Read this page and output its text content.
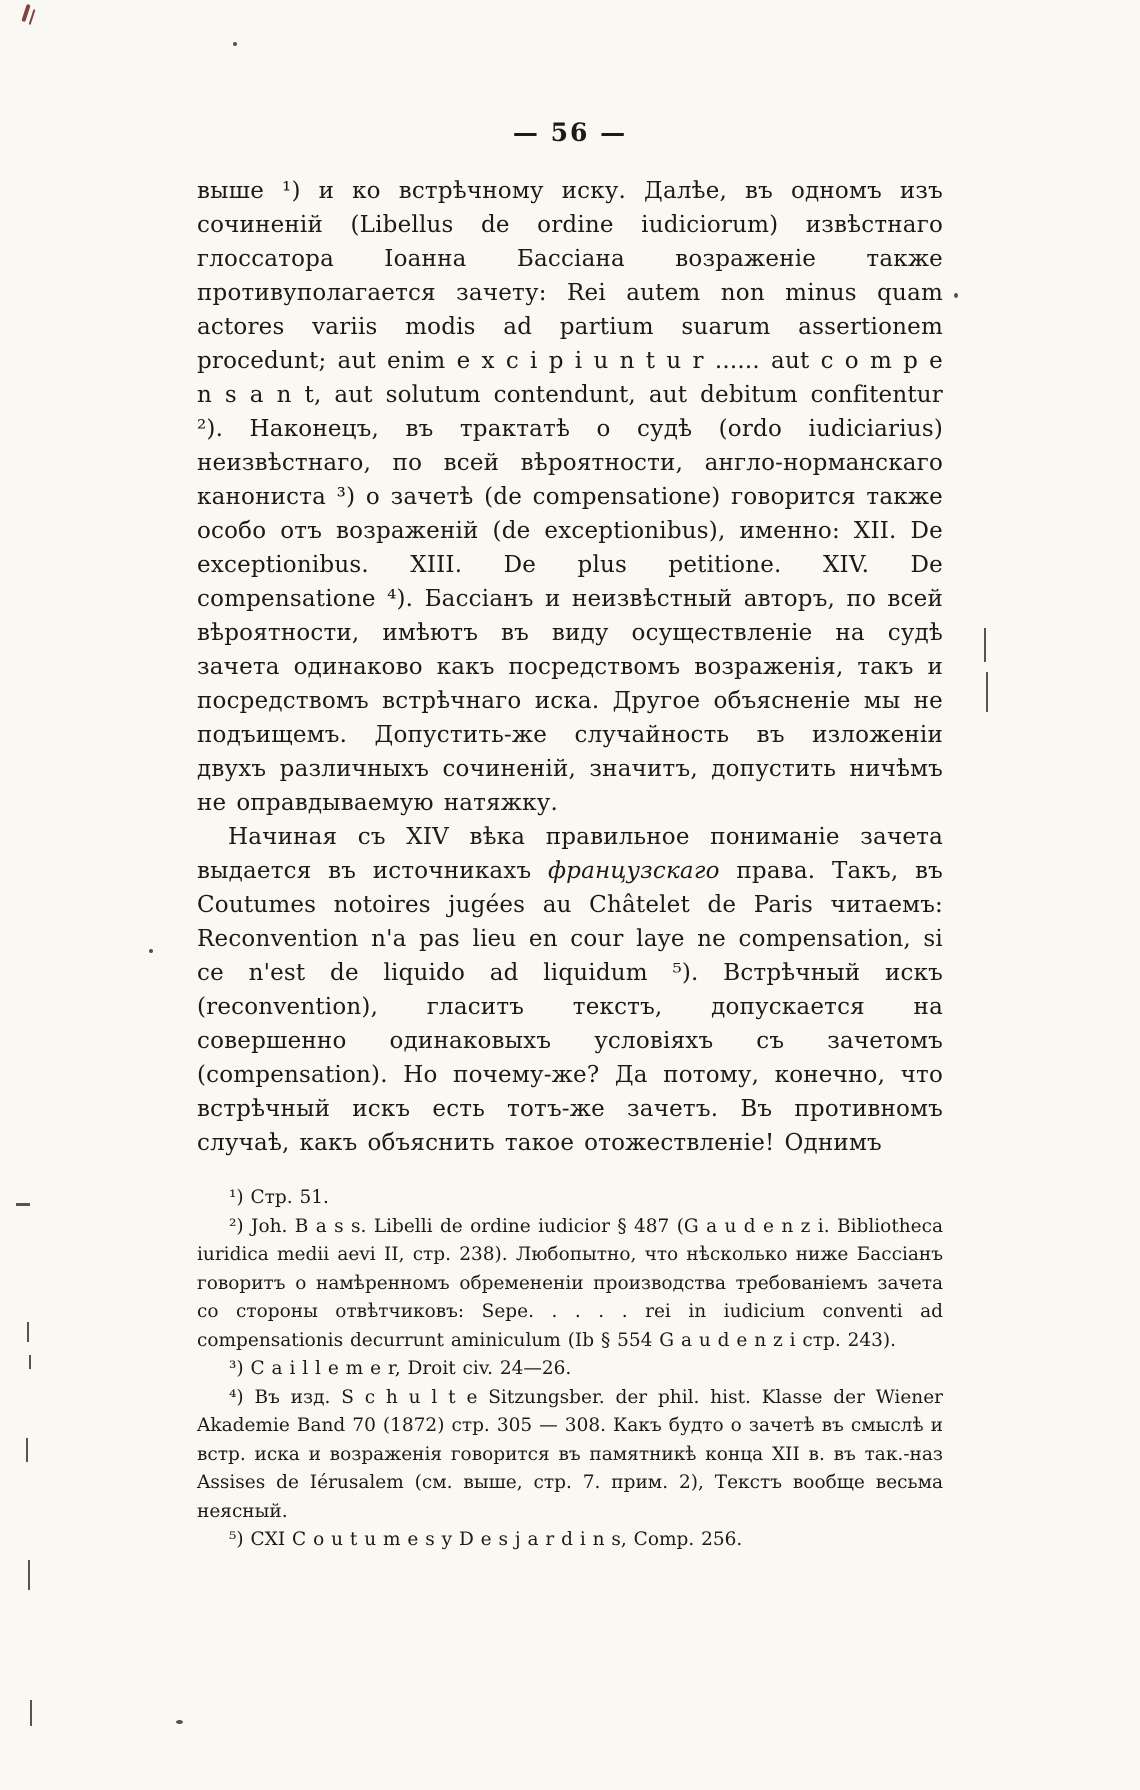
— 56 —

выше ¹) и ко встрѣчному иску. Далѣе, въ одномъ изъ сочиненій (Libellus de ordine iudiciorum) извѣстнаго глоссатора Іоанна Бассіана возраженіе также противуполагается зачету: Rei autem non minus quam actores variis modis ad partium suarum assertionem procedunt; aut enim e x c i p i u n t u r ...... aut c o m p e n s a n t, aut solutum contendunt, aut debitum confitentur ²). Наконецъ, въ трактатѣ о судѣ (ordo iudiciarius) неизвѣстнаго, по всей вѣроятности, англо-норманскаго канониста ³) о зачетѣ (de compensatione) говорится также особо отъ возраженій (de exceptionibus), именно: XII. De exceptionibus. XIII. De plus petitione. XIV. De compensatione ⁴). Бассіанъ и неизвѣстный авторъ, по всей вѣроятности, имѣютъ въ виду осуществленіе на судѣ зачета одинаково какъ посредствомъ возраженія, такъ и посредствомъ встрѣчнаго иска. Другое объясненіе мы не подъищемъ. Допустить-же случайность въ изложеніи двухъ различныхъ сочиненій, значитъ, допустить ничѣмъ не оправдываемую натяжку.

Начиная съ XIV вѣка правильное пониманіе зачета выдается въ источникахъ французскаго права. Такъ, въ Coutumes notoires jugées au Châtelet de Paris читаемъ: Reconvention n'a pas lieu en cour laye ne compensation, si ce n'est de liquido ad liquidum ⁵). Встрѣчный искъ (reconvention), гласитъ текстъ, допускается на совершенно одинаковыхъ условіяхъ съ зачетомъ (compensation). Но почему-же? Да потому, конечно, что встрѣчный искъ есть тотъ-же зачетъ. Въ противномъ случаѣ, какъ объяснить такое отожествленіе! Однимъ

¹) Стр. 51.

²) Joh. B a s s. Libelli de ordine iudicior § 487 (G a u d e n z i. Bibliotheca iuridica medii aevi II, стр. 238). Любопытно, что нѣсколько ниже Бассіанъ говоритъ о намѣренномъ обремененіи производства требованіемъ зачета со стороны отвѣтчиковъ: Sepe. . . . . rei in iudicium conventi ad compensationis decurrunt aminiculum (Ib § 554 G a u d e n z i стр. 243).

³) C a i l l e m e r, Droit civ. 24—26.

⁴) Въ изд. S c h u l t e Sitzungsber. der phil. hist. Klasse der Wiener Akademie Band 70 (1872) стр. 305 — 308. Какъ будто о зачетѣ въ смыслѣ и встр. иска и возраженія говорится въ памятникѣ конца XII в. въ так.-наз Assises de Iérusalem (см. выше, стр. 7. прим. 2), Текстъ вообще весьма неясный.

⁵) CXI C o u t u m e s y D e s j a r d i n s, Comp. 256.
